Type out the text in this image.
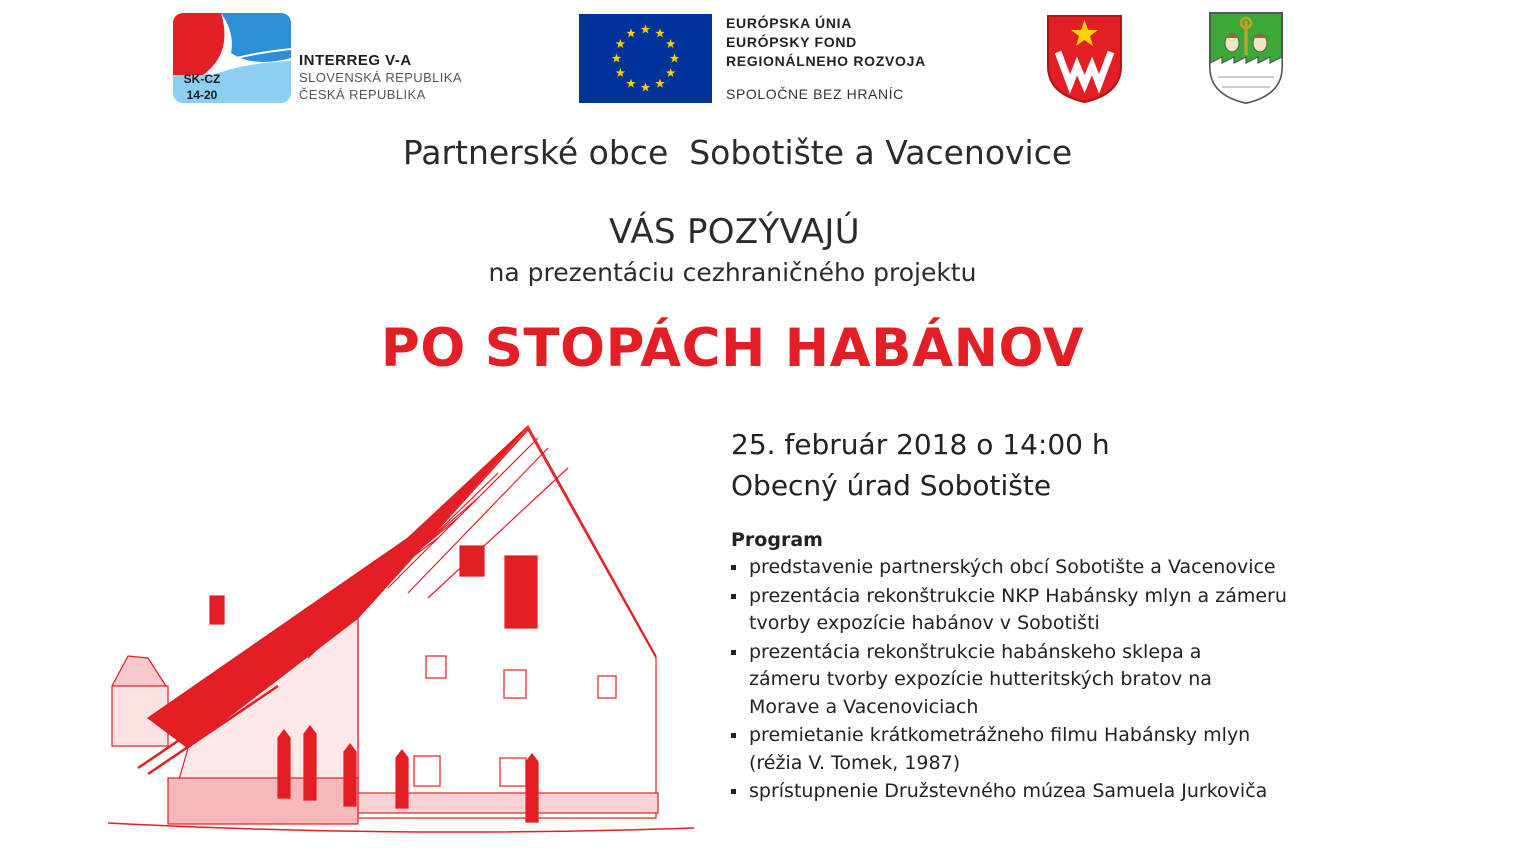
SK-CZ
14-20
INTERREG V-A
SLOVENSKÁ REPUBLIKA
ČESKÁ REPUBLIKA
EURÓPSKA ÚNIA
EURÓPSKY FOND
REGIONÁLNEHO ROZVOJA
SPOLOČNE BEZ HRANÍC
Partnerské obce  Sobotište a Vacenovice
VÁS POZÝVAJÚ
na prezentáciu cezhraničného projektu
PO STOPÁCH HABÁNOV
25. február 2018 o 14:00 h
Obecný úrad Sobotište
Program
predstavenie partnerských obcí Sobotište a Vacenovice
prezentácia rekonštrukcie NKP Habánsky mlyn a zámeru tvorby expozície habánov v Sobotišti
prezentácia rekonštrukcie habánskeho sklepa a zámeru tvorby expozície hutteritských bratov na Morave a Vacenoviciach
premietanie krátkometrážneho filmu Habánsky mlyn (réžia V. Tomek, 1987)
sprístupnenie Družstevného múzea Samuela Jurkoviča
